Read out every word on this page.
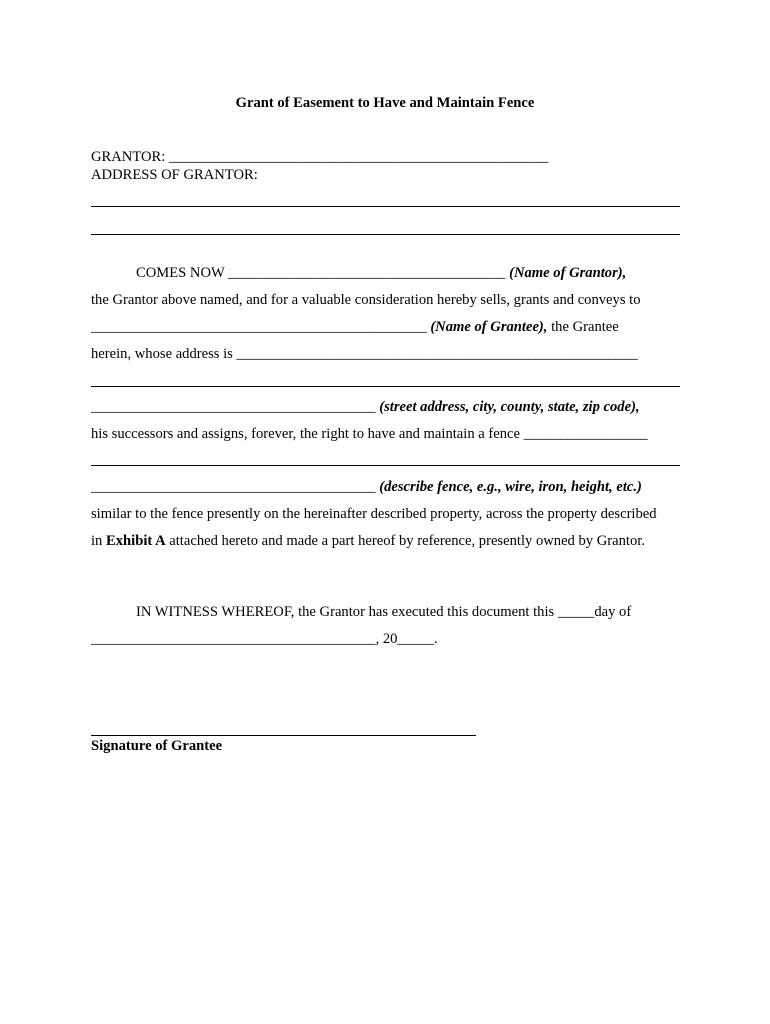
Grant of Easement to Have and Maintain Fence
GRANTOR: ____________________________________________________
ADDRESS OF GRANTOR:
COMES NOW ______________________________________ (Name of Grantor),
the Grantor above named, and for a valuable consideration hereby sells, grants and conveys to
______________________________________________ (Name of Grantee), the Grantee
herein, whose address is _______________________________________________________
_______________________________________ (street address, city, county, state, zip code),
his successors and assigns, forever, the right to have and maintain a fence _________________
_______________________________________ (describe fence, e.g., wire, iron, height, etc.)
similar to the fence presently on the hereinafter described property, across the property described
in Exhibit A attached hereto and made a part hereof by reference, presently owned by Grantor.
IN WITNESS WHEREOF, the Grantor has executed this document this _____day of
_______________________________________, 20_____.
Signature of Grantee
